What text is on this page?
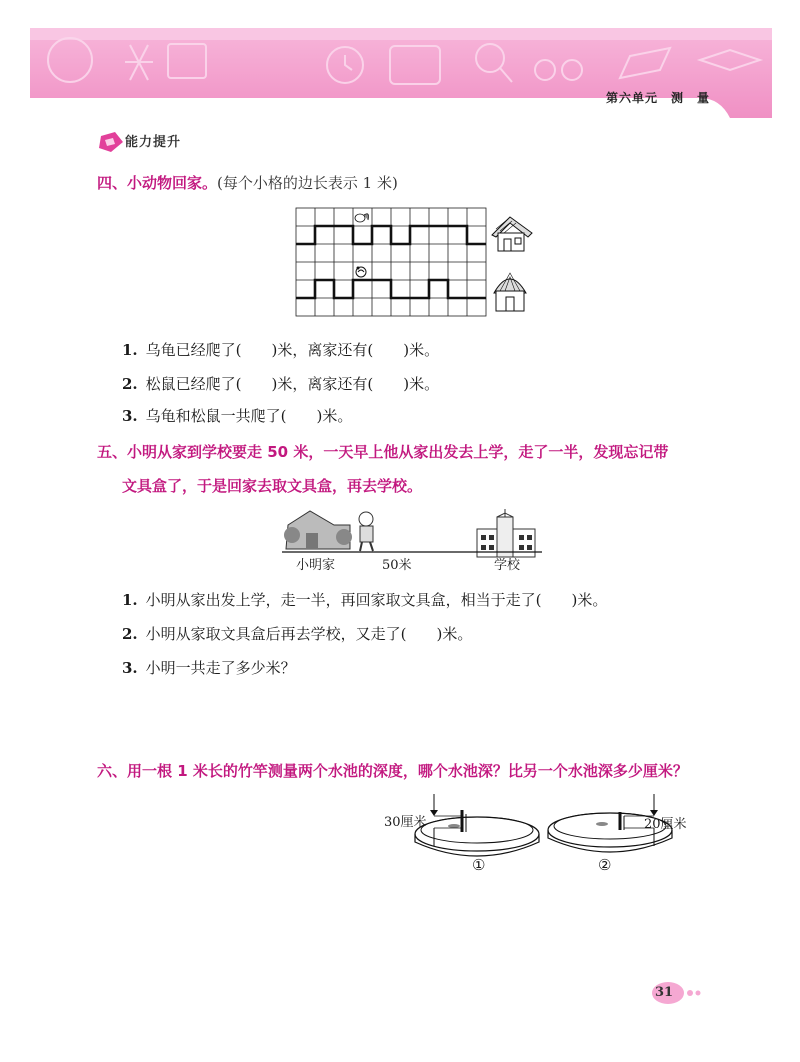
第六单元　测　量
能力提升
四、小动物回家。(每个小格的边长表示 1 米)
1. 乌龟已经爬了(　　)米，离家还有(　　)米。
2. 松鼠已经爬了(　　)米，离家还有(　　)米。
3. 乌龟和松鼠一共爬了(　　)米。
五、小明从家到学校要走 50 米，一天早上他从家出发去上学，走了一半，发现忘记带
文具盒了，于是回家去取文具盒，再去学校。
小明家	50米	学校
1. 小明从家出发上学，走一半，再回家取文具盒，相当于走了(　　)米。
2. 小明从家取文具盒后再去学校，又走了(　　)米。
3. 小明一共走了多少米？
六、用一根 1 米长的竹竿测量两个水池的深度，哪个水池深？比另一个水池深多少厘米？
30厘米
①
20厘米
②
31
